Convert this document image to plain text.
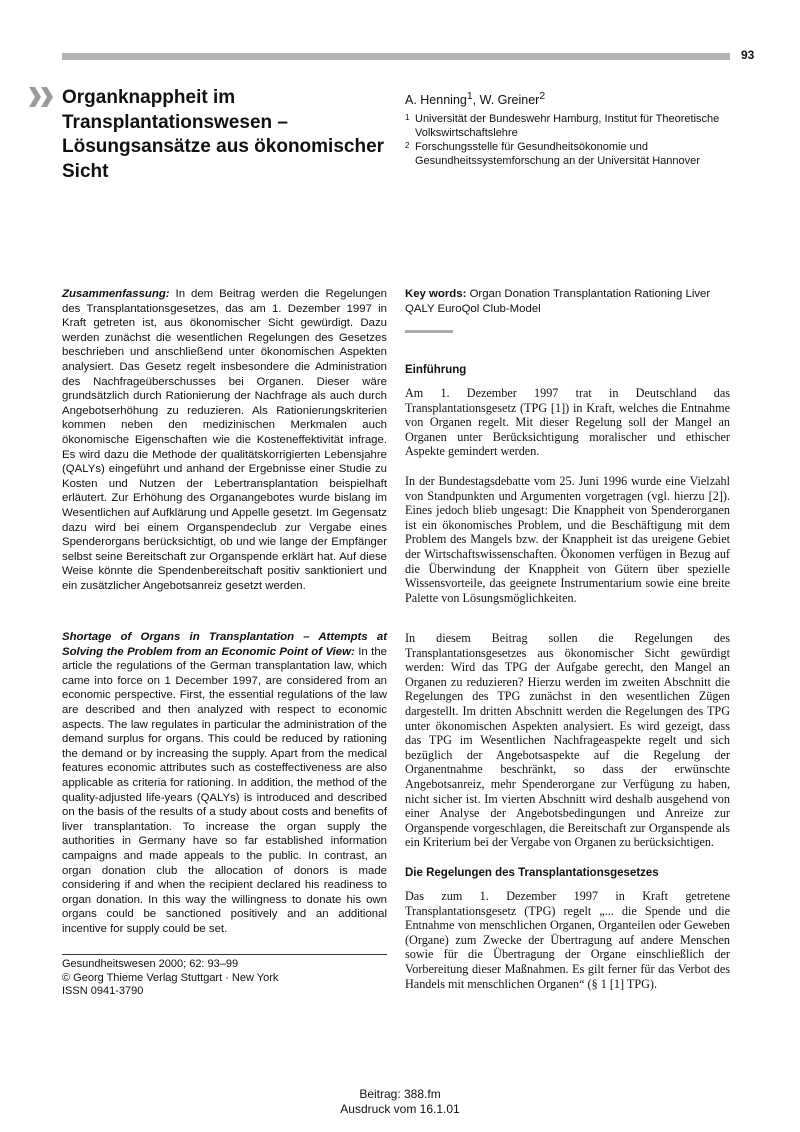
93
Organknappheit im Transplantationswesen – Lösungsansätze aus ökonomischer Sicht
A. Henning$^1$, W. Greiner$^2$

1 Universität der Bundeswehr Hamburg, Institut für Theoretische Volkswirtschaftslehre

2 Forschungsstelle für Gesundheitsökonomie und Gesundheitssystemforschung an der Universität Hannover

Zusammenfassung: In dem Beitrag werden die Regelungen des Transplantationsgesetzes, das am 1. Dezember 1997 in Kraft getreten ist, aus ökonomischer Sicht gewürdigt. Dazu werden zunächst die wesentlichen Regelungen des Gesetzes beschrieben und anschließend unter ökonomischen Aspekten analysiert. Das Gesetz regelt insbesondere die Administration des Nachfrageüberschusses bei Organen. Dieser wäre grundsätzlich durch Rationierung der Nachfrage als auch durch Angebotserhöhung zu reduzieren. Als Rationierungskriterien kommen neben den medizinischen Merkmalen auch ökonomische Eigenschaften wie die Kosteneffektivität infrage. Es wird dazu die Methode der qualitätskorrigierten Lebensjahre (QALYs) eingeführt und anhand der Ergebnisse einer Studie zu Kosten und Nutzen der Lebertransplantation beispielhaft erläutert. Zur Erhöhung des Organangebotes wurde bislang im Wesentlichen auf Aufklärung und Appelle gesetzt. Im Gegensatz dazu wird bei einem Organspendeclub zur Vergabe eines Spenderorgans berücksichtigt, ob und wie lange der Empfänger selbst seine Bereitschaft zur Organspende erklärt hat. Auf diese Weise könnte die Spendenbereitschaft positiv sanktioniert und ein zusätzlicher Angebotsanreiz gesetzt werden.

Shortage of Organs in Transplantation – Attempts at Solving the Problem from an Economic Point of View: In the article the regulations of the German transplantation law, which came into force on 1 December 1997, are considered from an economic perspective. First, the essential regulations of the law are described and then analyzed with respect to economic aspects. The law regulates in particular the administration of the demand surplus for organs. This could be reduced by rationing the demand or by increasing the supply. Apart from the medical features economic attributes such as costeffectiveness are also applicable as criteria for rationing. In addition, the method of the quality-adjusted life-years (QALYs) is introduced and described on the basis of the results of a study about costs and benefits of liver transplantation. To increase the organ supply the authorities in Germany have so far established information campaigns and made appeals to the public. In contrast, an organ donation club the allocation of donors is made considering if and when the recipient declared his readiness to organ donation. In this way the willingness to donate his own organs could be sanctioned positively and an additional incentive for supply could be set.

Gesundheitswesen 2000; 62: 93–99
© Georg Thieme Verlag Stuttgart · New York
ISSN 0941-3790
Key words: Organ Donation Transplantation Rationing Liver QALY EuroQol Club-Model
Einführung

Am 1. Dezember 1997 trat in Deutschland das Transplantationsgesetz (TPG [1]) in Kraft, welches die Entnahme von Organen regelt. Mit dieser Regelung soll der Mangel an Organen unter Berücksichtigung moralischer und ethischer Aspekte gemindert werden.

In der Bundestagsdebatte vom 25. Juni 1996 wurde eine Vielzahl von Standpunkten und Argumenten vorgetragen (vgl. hierzu [2]). Eines jedoch blieb ungesagt: Die Knappheit von Spenderorganen ist ein ökonomisches Problem, und die Beschäftigung mit dem Problem des Mangels bzw. der Knappheit ist das ureigene Gebiet der Wirtschaftswissenschaften. Ökonomen verfügen in Bezug auf die Überwindung der Knappheit von Gütern über spezielle Wissensvorteile, das geeignete Instrumentarium sowie eine breite Palette von Lösungsmöglichkeiten.

In diesem Beitrag sollen die Regelungen des Transplantationsgesetzes aus ökonomischer Sicht gewürdigt werden: Wird das TPG der Aufgabe gerecht, den Mangel an Organen zu reduzieren? Hierzu werden im zweiten Abschnitt die Regelungen des TPG zunächst in den wesentlichen Zügen dargestellt. Im dritten Abschnitt werden die Regelungen des TPG unter ökonomischen Aspekten analysiert. Es wird gezeigt, dass das TPG im Wesentlichen Nachfrageaspekte regelt und sich bezüglich der Angebotsaspekte auf die Regelung der Organentnahme beschränkt, so dass der erwünschte Angebotsanreiz, mehr Spenderorgane zur Verfügung zu haben, nicht sicher ist. Im vierten Abschnitt wird deshalb ausgehend von einer Analyse der Angebotsbedingungen und Anreize zur Organspende vorgeschlagen, die Bereitschaft zur Organspende als ein Kriterium bei der Vergabe von Organen zu berücksichtigen.

Die Regelungen des Transplantationsgesetzes

Das zum 1. Dezember 1997 in Kraft getretene Transplantationsgesetz (TPG) regelt „... die Spende und die Entnahme von menschlichen Organen, Organteilen oder Geweben (Organe) zum Zwecke der Übertragung auf andere Menschen sowie für die Übertragung der Organe einschließlich der Vorbereitung dieser Maßnahmen. Es gilt ferner für das Verbot des Handels mit menschlichen Organen“ (§ 1 [1] TPG).

Beitrag: 388.fm
Ausdruck vom 16.1.01
